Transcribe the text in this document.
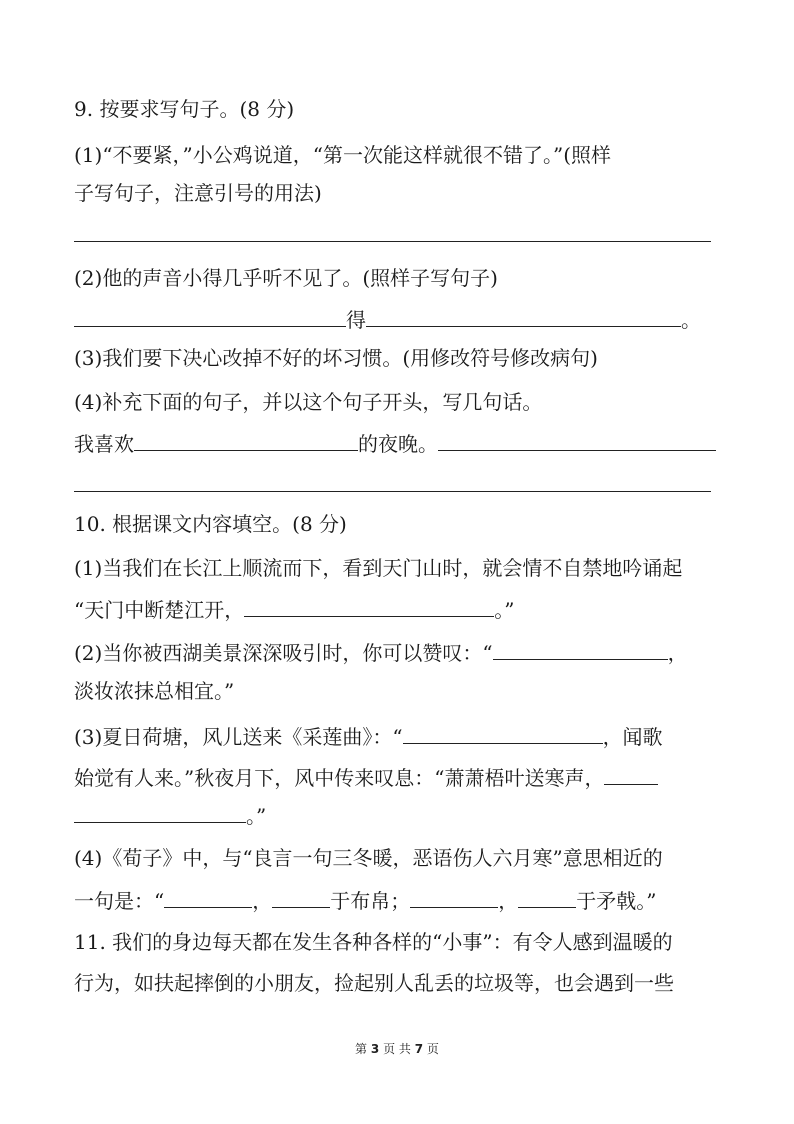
9. 按要求写句子。(8 分)
(1)“不要紧，”小公鸡说道，“第一次能这样就很不错了。”(照样
子写句子，注意引号的用法)
(2)他的声音小得几乎听不见了。(照样子写句子)
得	。
(3)我们要下决心改掉不好的坏习惯。(用修改符号修改病句)
(4)补充下面的句子，并以这个句子开头，写几句话。
我喜欢	的夜晚。
10. 根据课文内容填空。(8 分)
(1)当我们在长江上顺流而下，看到天门山时，就会情不自禁地吟诵起
“天门中断楚江开，	。”
(2)当你被西湖美景深深吸引时，你可以赞叹：“	，
淡妆浓抹总相宜。”
(3)夏日荷塘，风儿送来《采莲曲》：“	，闻歌
始觉有人来。”秋夜月下，风中传来叹息：“萧萧梧叶送寒声，
。”
(4)《荀子》中，与“良言一句三冬暖，恶语伤人六月寒”意思相近的
一句是：“	，	于布帛；	，	于矛戟。”
11. 我们的身边每天都在发生各种各样的“小事”：有令人感到温暖的
行为，如扶起摔倒的小朋友，捡起别人乱丢的垃圾等，也会遇到一些
第 3 页 共 7 页
